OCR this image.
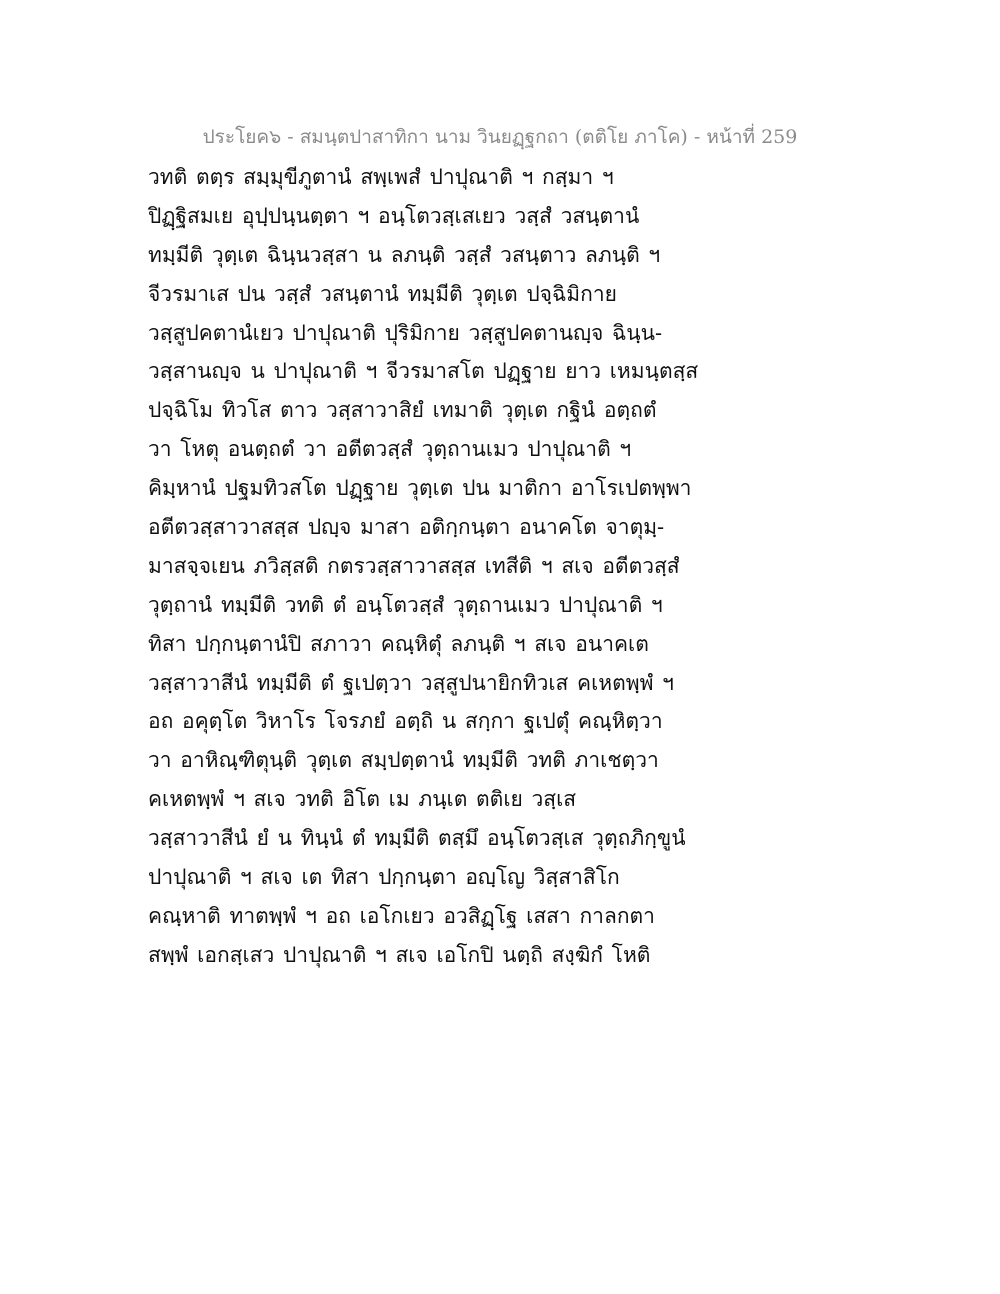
ประโยค๖ - สมนฺตปาสาทิกา นาม วินยฏฺฐกถา (ตติโย ภาโค) - หน้าที่ 259
วทติ ตตฺร สมฺมุขีภูตานํ สพฺเพสํ ปาปุณาติ ฯ กสฺมา ฯ
ปิฏฺฐิสมเย อุปฺปนฺนตฺตา ฯ อนฺโตวสฺเสเยว วสฺสํ วสนฺตานํ
ทมฺมีติ วุตฺเต ฉินฺนวสฺสา น ลภนฺติ วสฺสํ วสนฺตาว ลภนฺติ ฯ
จีวรมาเส ปน วสฺสํ วสนฺตานํ ทมฺมีติ วุตฺเต ปจฺฉิมิกาย
วสฺสูปคตานํเยว ปาปุณาติ ปุริมิกาย วสฺสูปคตานญฺจ ฉินฺน-
วสฺสานญฺจ น ปาปุณาติ ฯ จีวรมาสโต ปฏฺฐาย ยาว เหมนฺตสฺส
ปจฺฉิโม ทิวโส ตาว วสฺสาวาสิยํ เทมาติ วุตฺเต กฐินํ อตฺถตํ
วา โหตุ อนตฺถตํ วา อตีตวสฺสํ วุตฺถานเมว ปาปุณาติ ฯ
คิมฺหานํ ปฐมทิวสโต ปฏฺฐาย วุตฺเต ปน มาติกา อาโรเปตพฺพา
อตีตวสฺสาวาสสฺส ปญฺจ มาสา อติกฺกนฺตา อนาคโต จาตุมฺ-
มาสจฺจเยน ภวิสฺสติ กตรวสฺสาวาสสฺส เทสีติ ฯ สเจ อตีตวสฺสํ
วุตฺถานํ ทมฺมีติ วทติ ตํ อนฺโตวสฺสํ วุตฺถานเมว ปาปุณาติ ฯ
ทิสา ปกฺกนฺตานํปิ สภาวา คณฺหิตุํ ลภนฺติ ฯ สเจ อนาคเต
วสฺสาวาสีนํ ทมฺมีติ ตํ ฐเปตฺวา วสฺสูปนายิกทิวเส คเหตพฺพํ ฯ
อถ อคุตฺโต วิหาโร โจรภยํ อตฺถิ น สกฺกา ฐเปตุํ คณฺหิตฺวา
วา อาหิณฺฑิตุนฺติ วุตฺเต สมฺปตฺตานํ ทมฺมีติ วทติ ภาเชตฺวา
คเหตพฺพํ ฯ สเจ วทติ อิโต เม ภนฺเต ตติเย วสฺเส
วสฺสาวาสีนํ ยํ น ทินฺนํ ตํ ทมฺมีติ ตสฺมึ อนฺโตวสฺเส วุตฺถภิกฺขูนํ
ปาปุณาติ ฯ สเจ เต ทิสา ปกฺกนฺตา อญฺโญ วิสฺสาสิโก
คณฺหาติ ทาตพฺพํ ฯ อถ เอโกเยว อวสิฏฺโฐ เสสา กาลกตา
สพฺพํ เอกสฺเสว ปาปุณาติ ฯ สเจ เอโกปิ นตฺถิ สงฺฆิกํ โหติ
